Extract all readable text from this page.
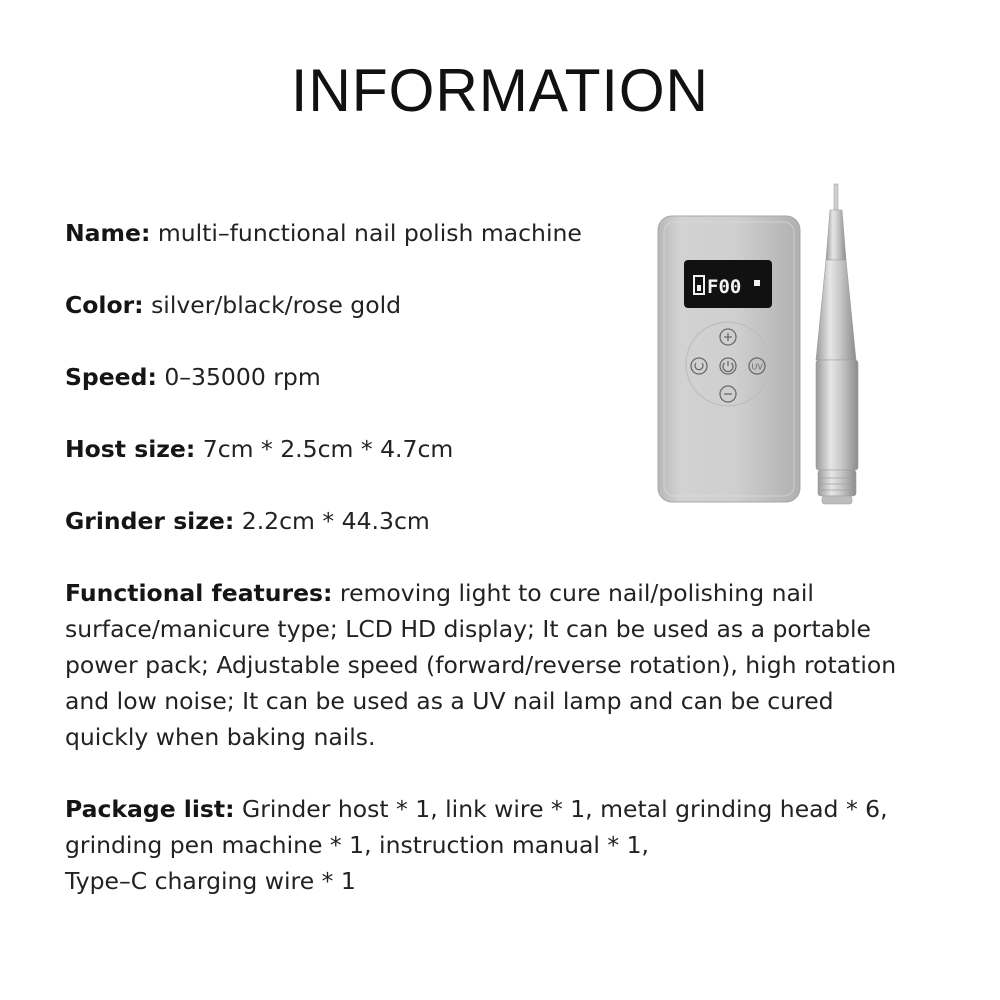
INFORMATION
Name: multi–functional nail polish machine
Color: silver/black/rose gold
Speed: 0–35000 rpm
Host size: 7cm * 2.5cm * 4.7cm
Grinder size: 2.2cm * 44.3cm
Functional features: removing light to cure nail/polishing nail
surface/manicure type; LCD HD display; It can be used as a portable
power pack; Adjustable speed (forward/reverse rotation), high rotation
and low noise; It can be used as a UV nail lamp and can be cured
quickly when baking nails.
Package list: Grinder host * 1, link wire * 1, metal grinding head * 6,
grinding pen machine * 1, instruction manual * 1,
Type–C charging wire * 1
F00
UV
